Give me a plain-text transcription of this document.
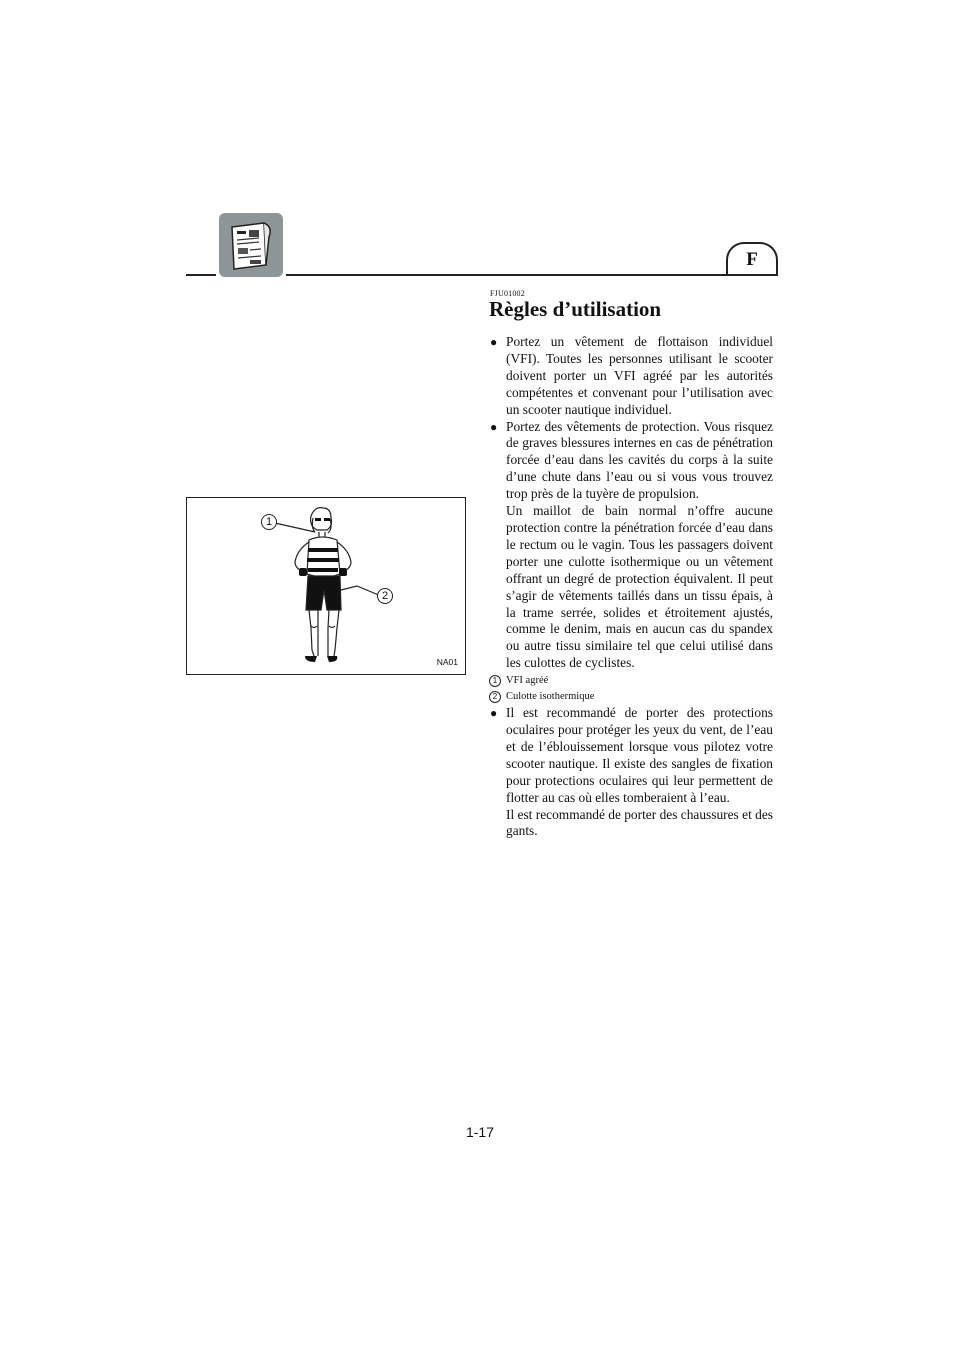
F
FJU01002
Règles d’utilisation
● Portez un vêtement de flottaison individuel (VFI). Toutes les personnes utilisant le scooter doivent porter un VFI agréé par les autorités compétentes et convenant pour l’utilisation avec un scooter nautique individuel.
● Portez des vêtements de protection. Vous risquez de graves blessures internes en cas de pénétration forcée d’eau dans les cavités du corps à la suite d’une chute dans l’eau ou si vous vous trouvez trop près de la tuyère de propulsion.
Un maillot de bain normal n’offre aucune protection contre la pénétration forcée d’eau dans le rectum ou le vagin. Tous les passagers doivent porter une culotte isothermique ou un vêtement offrant un degré de protection équivalent. Il peut s’agir de vêtements taillés dans un tissu épais, à la trame serrée, solides et étroitement ajustés, comme le denim, mais en aucun cas du spandex ou autre tissu similaire tel que celui utilisé dans les culottes de cyclistes.
1 VFI agréé
2 Culotte isothermique
● Il est recommandé de porter des protections oculaires pour protéger les yeux du vent, de l’eau et de l’éblouissement lorsque vous pilotez votre scooter nautique. Il existe des sangles de fixation pour protections oculaires qui leur permettent de flotter au cas où elles tomberaient à l’eau.
Il est recommandé de porter des chaussures et des gants.
1
2
NA01
1-17
